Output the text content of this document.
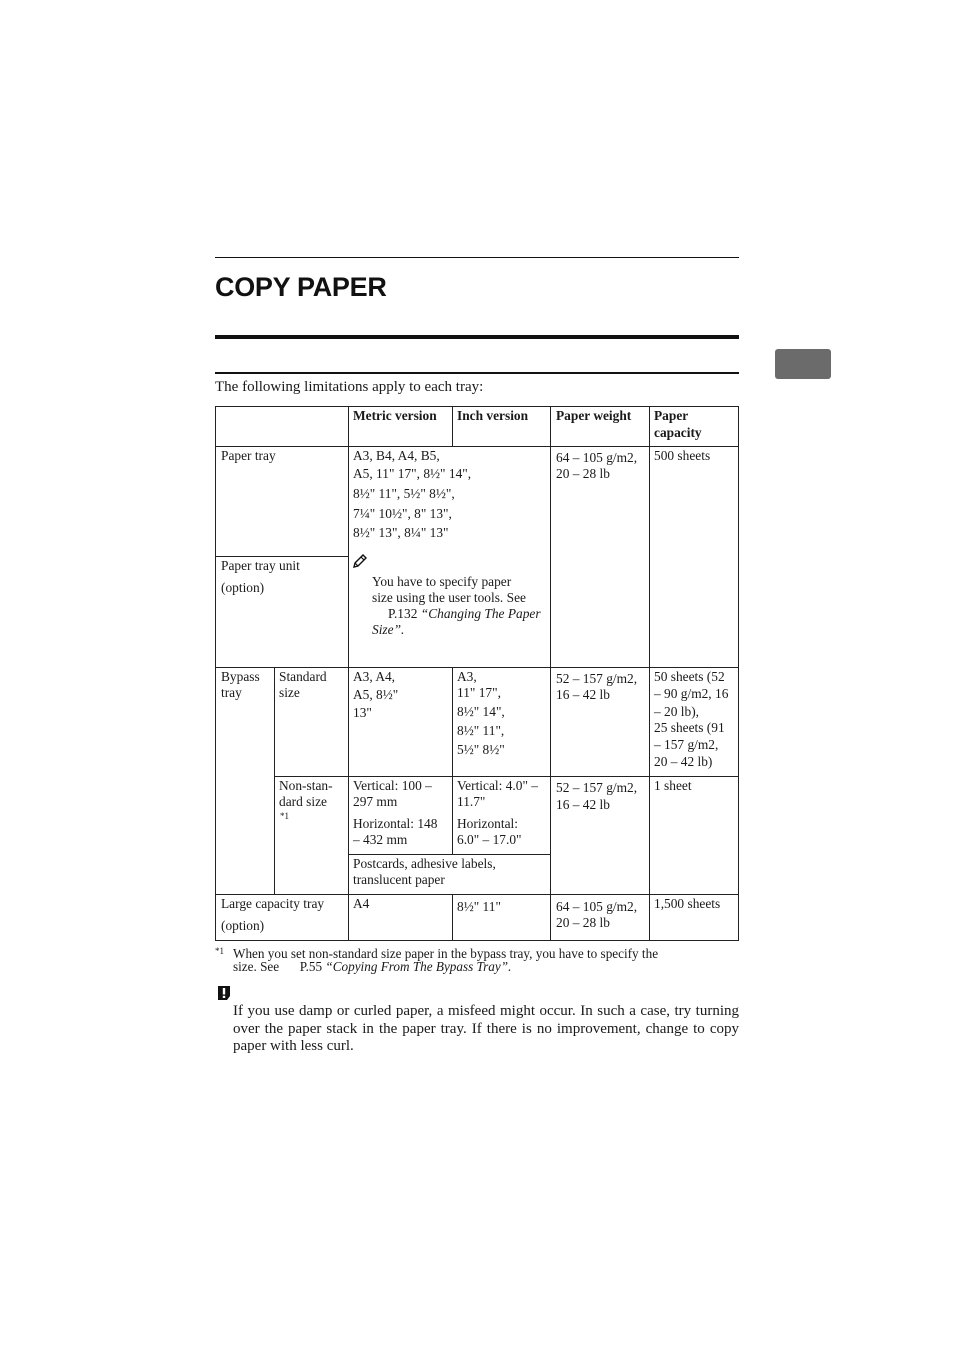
COPY PAPER
The following limitations apply to each tray:
Metric version Inch version Paper weight Paper capacity
Paper tray
Paper tray unit
(option)
A3, B4, A4, B5,
A5, 11" 17", 8½" 14",
8½" 11", 5½" 8½",
7¼" 10½", 8" 13",
8½" 13", 8¼" 13"
You have to specify paper
size using the user tools. See
P.132 “Changing The Paper
Size”.
64 – 105 g/m2,
20 – 28 lb
500 sheets
Bypass
tray
Standard
size
A3, A4,
A5, 8½"
13"
A3,
11" 17",
8½" 14",
8½" 11",
5½" 8½"
52 – 157 g/m2,
16 – 42 lb
50 sheets (52
– 90 g/m2, 16
– 20 lb),
25 sheets (91
– 157 g/m2,
20 – 42 lb)
Non-stan-
dard size
*1
Vertical: 100 –
297 mm
Horizontal: 148
– 432 mm
Vertical: 4.0" –
11.7"
Horizontal:
6.0" – 17.0"
Postcards, adhesive labels,
translucent paper
52 – 157 g/m2,
16 – 42 lb
1 sheet
Large capacity tray
(option)
A4	8½" 11"	64 – 105 g/m2,
20 – 28 lb
1,500 sheets
*1 When you set non-standard size paper in the bypass tray, you have to specify the
size. See P.55 “Copying From The Bypass Tray”.
If you use damp or curled paper, a misfeed might occur. In such a case, try turning over the paper stack in the paper tray. If there is no improvement, change to copy paper with less curl.
